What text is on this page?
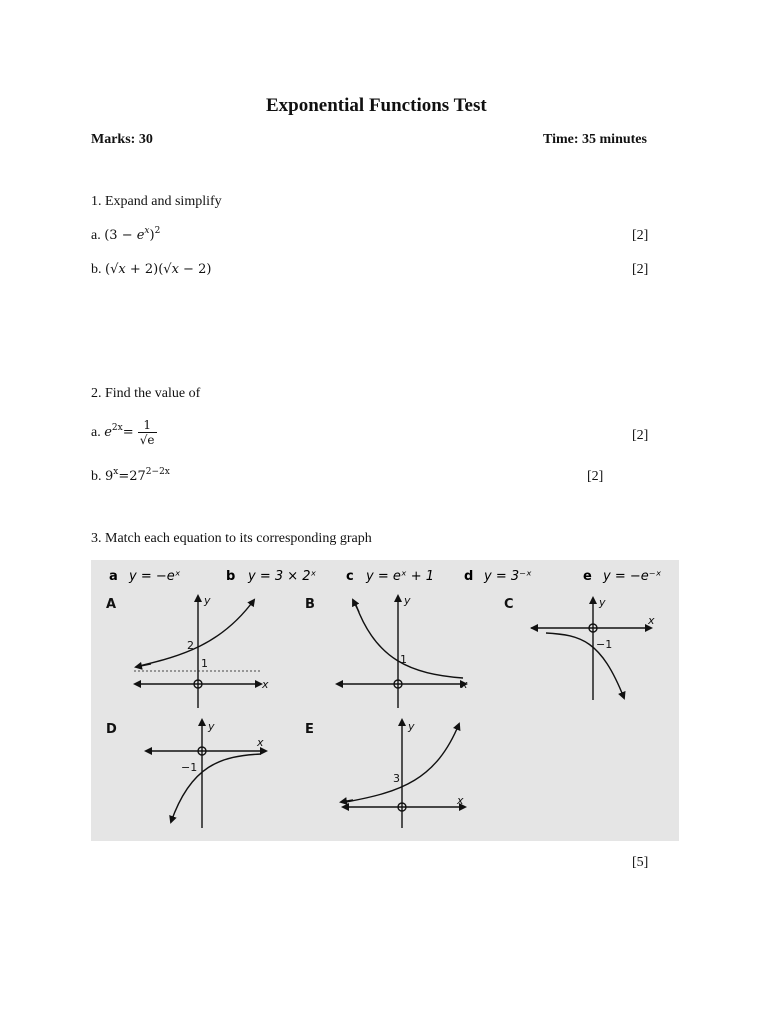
Exponential Functions Test
Marks: 30	Time: 35 minutes
1. Expand and simplify
a. $(3 - e^x)^2$	[2]
b. (√x + 2)(√x − 2)	[2]
2. Find the value of
a. $e^{2x}= \frac{1}{√e}$	[2]
b. $9^x=27^{2-2x}$	[2]
3. Match each equation to its corresponding graph
a y = −eˣ	b y = 3 × 2ˣ c y = eˣ + 1 d y = 3⁻ˣ	e y = −e⁻ˣ
A	y
x
2
1
B	y
x
1
C	y
x
−1
D	y
x
−1
E	y
x
3
[5]
